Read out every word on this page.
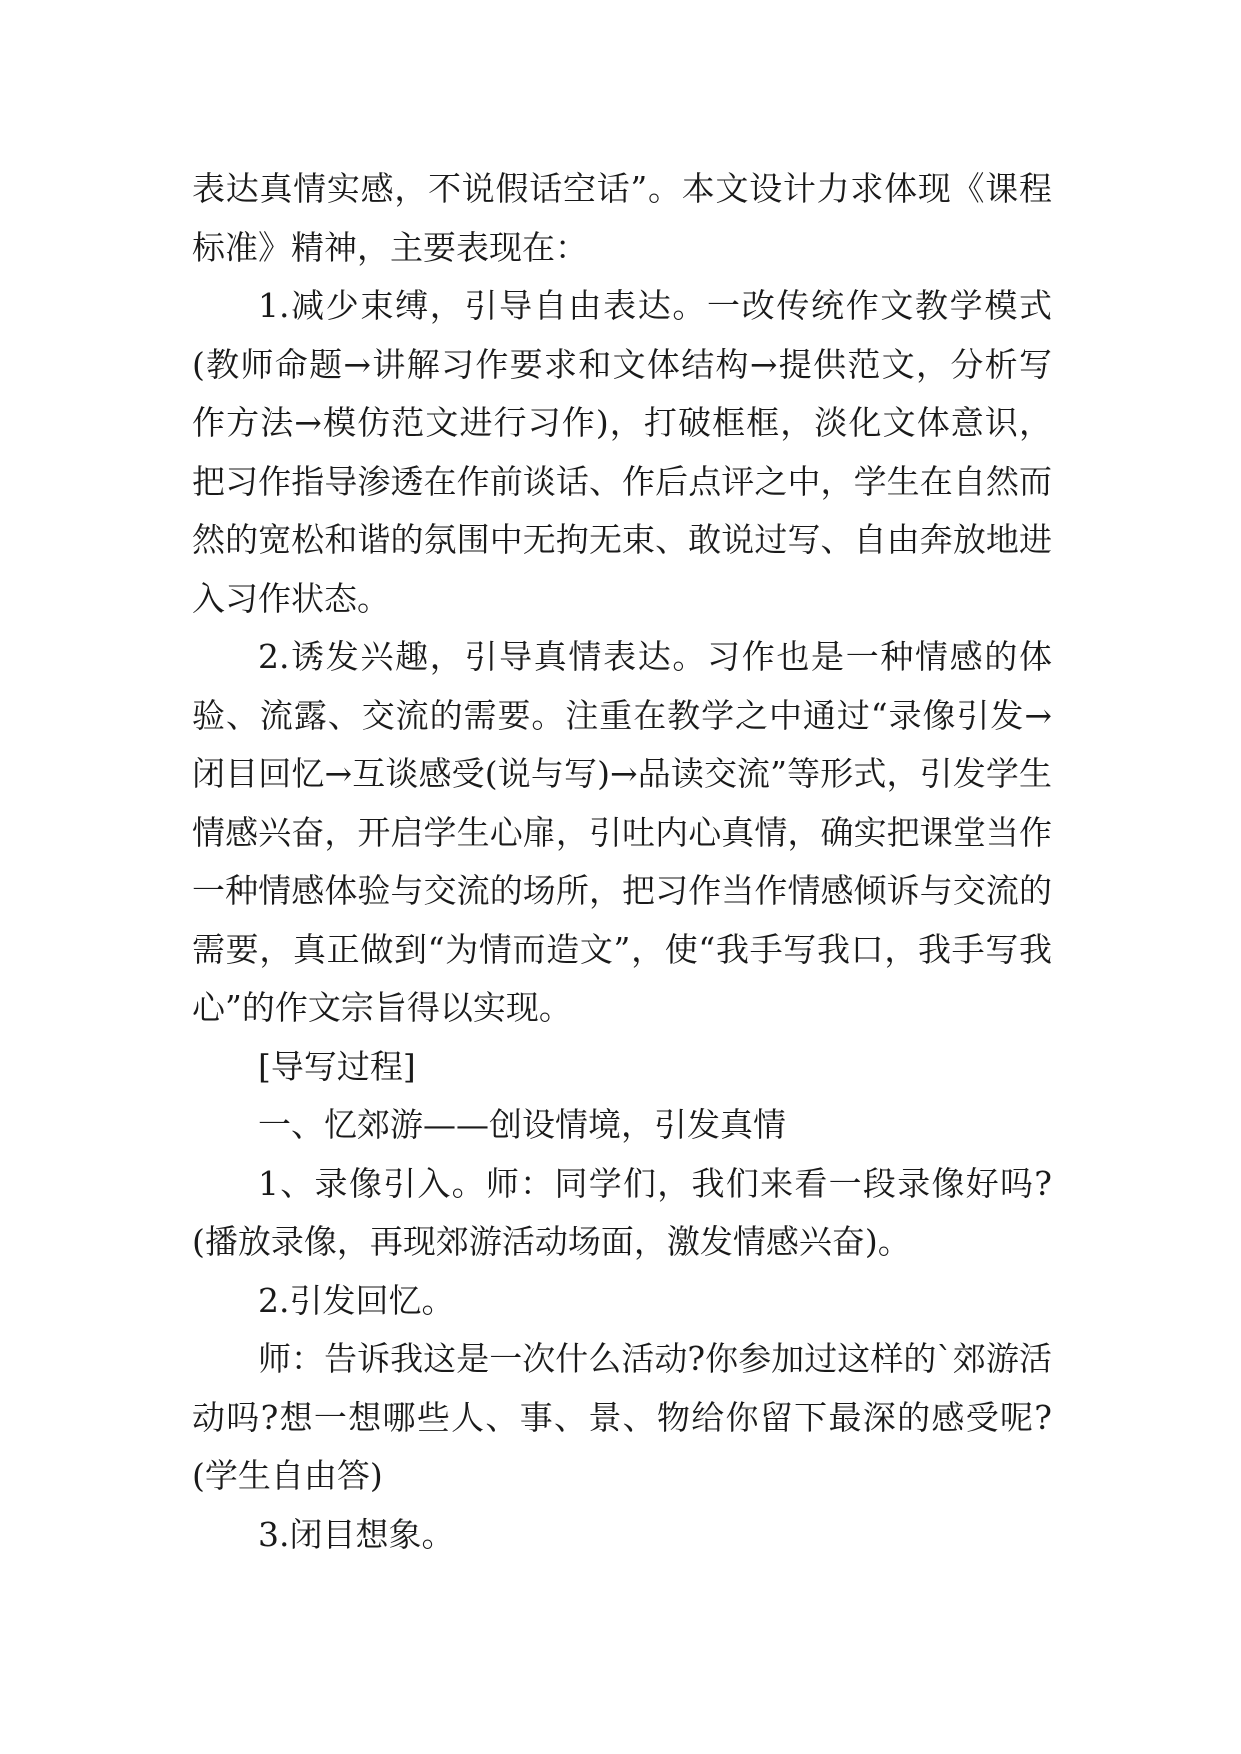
表达真情实感，不说假话空话”。本文设计力求体现《课程标准》精神，主要表现在：

1.减少束缚，引导自由表达。一改传统作文教学模式(教师命题→讲解习作要求和文体结构→提供范文，分析写作方法→模仿范文进行习作)，打破框框，淡化文体意识，把习作指导渗透在作前谈话、作后点评之中，学生在自然而然的宽松和谐的氛围中无拘无束、敢说过写、自由奔放地进入习作状态。

2.诱发兴趣，引导真情表达。习作也是一种情感的体验、流露、交流的需要。注重在教学之中通过“录像引发→闭目回忆→互谈感受(说与写)→品读交流”等形式，引发学生情感兴奋，开启学生心扉，引吐内心真情，确实把课堂当作一种情感体验与交流的场所，把习作当作情感倾诉与交流的需要，真正做到“为情而造文”，使“我手写我口，我手写我心”的作文宗旨得以实现。

[导写过程]

一、忆郊游——创设情境，引发真情

1、录像引入。师：同学们，我们来看一段录像好吗?(播放录像，再现郊游活动场面，激发情感兴奋)。

2.引发回忆。

师：告诉我这是一次什么活动?你参加过这样的`郊游活动吗?想一想哪些人、事、景、物给你留下最深的感受呢?(学生自由答)

3.闭目想象。
